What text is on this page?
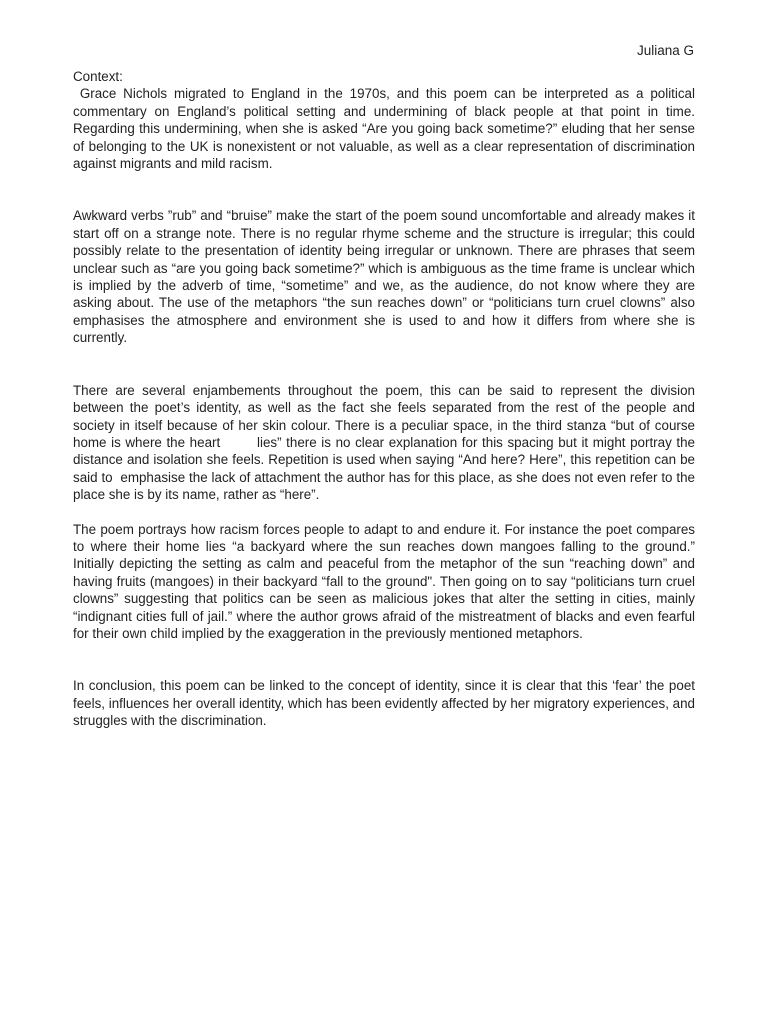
Juliana G
Context:

Grace Nichols migrated to England in the 1970s, and this poem can be interpreted as a political commentary on England’s political setting and undermining of black people at that point in time. Regarding this undermining, when she is asked “Are you going back sometime?” eluding that her sense of belonging to the UK is nonexistent or not valuable, as well as a clear representation of discrimination against migrants and mild racism.

Awkward verbs ”rub” and “bruise” make the start of the poem sound uncomfortable and already makes it start off on a strange note. There is no regular rhyme scheme and the structure is irregular; this could possibly relate to the presentation of identity being irregular or unknown. There are phrases that seem unclear such as “are you going back sometime?” which is ambiguous as the time frame is unclear which is implied by the adverb of time, “sometime” and we, as the audience, do not know where they are asking about. The use of the metaphors “the sun reaches down” or “politicians turn cruel clowns” also emphasises the atmosphere and environment she is used to and how it differs from where she is currently.

There are several enjambements throughout the poem, this can be said to represent the division between the poet’s identity, as well as the fact she feels separated from the rest of the people and society in itself because of her skin colour. There is a peculiar space, in the third stanza “but of course home is where the heart        lies” there is no clear explanation for this spacing but it might portray the distance and isolation she feels. Repetition is used when saying “And here? Here”, this repetition can be said to  emphasise the lack of attachment the author has for this place, as she does not even refer to the place she is by its name, rather as “here”.

The poem portrays how racism forces people to adapt to and endure it. For instance the poet compares to where their home lies “a backyard where the sun reaches down mangoes falling to the ground.” Initially depicting the setting as calm and peaceful from the metaphor of the sun “reaching down” and having fruits (mangoes) in their backyard “fall to the ground". Then going on to say “politicians turn cruel clowns” suggesting that politics can be seen as malicious jokes that alter the setting in cities, mainly “indignant cities full of jail.” where the author grows afraid of the mistreatment of blacks and even fearful for their own child implied by the exaggeration in the previously mentioned metaphors.

In conclusion, this poem can be linked to the concept of identity, since it is clear that this ‘fear’ the poet feels, influences her overall identity, which has been evidently affected by her migratory experiences, and struggles with the discrimination.
